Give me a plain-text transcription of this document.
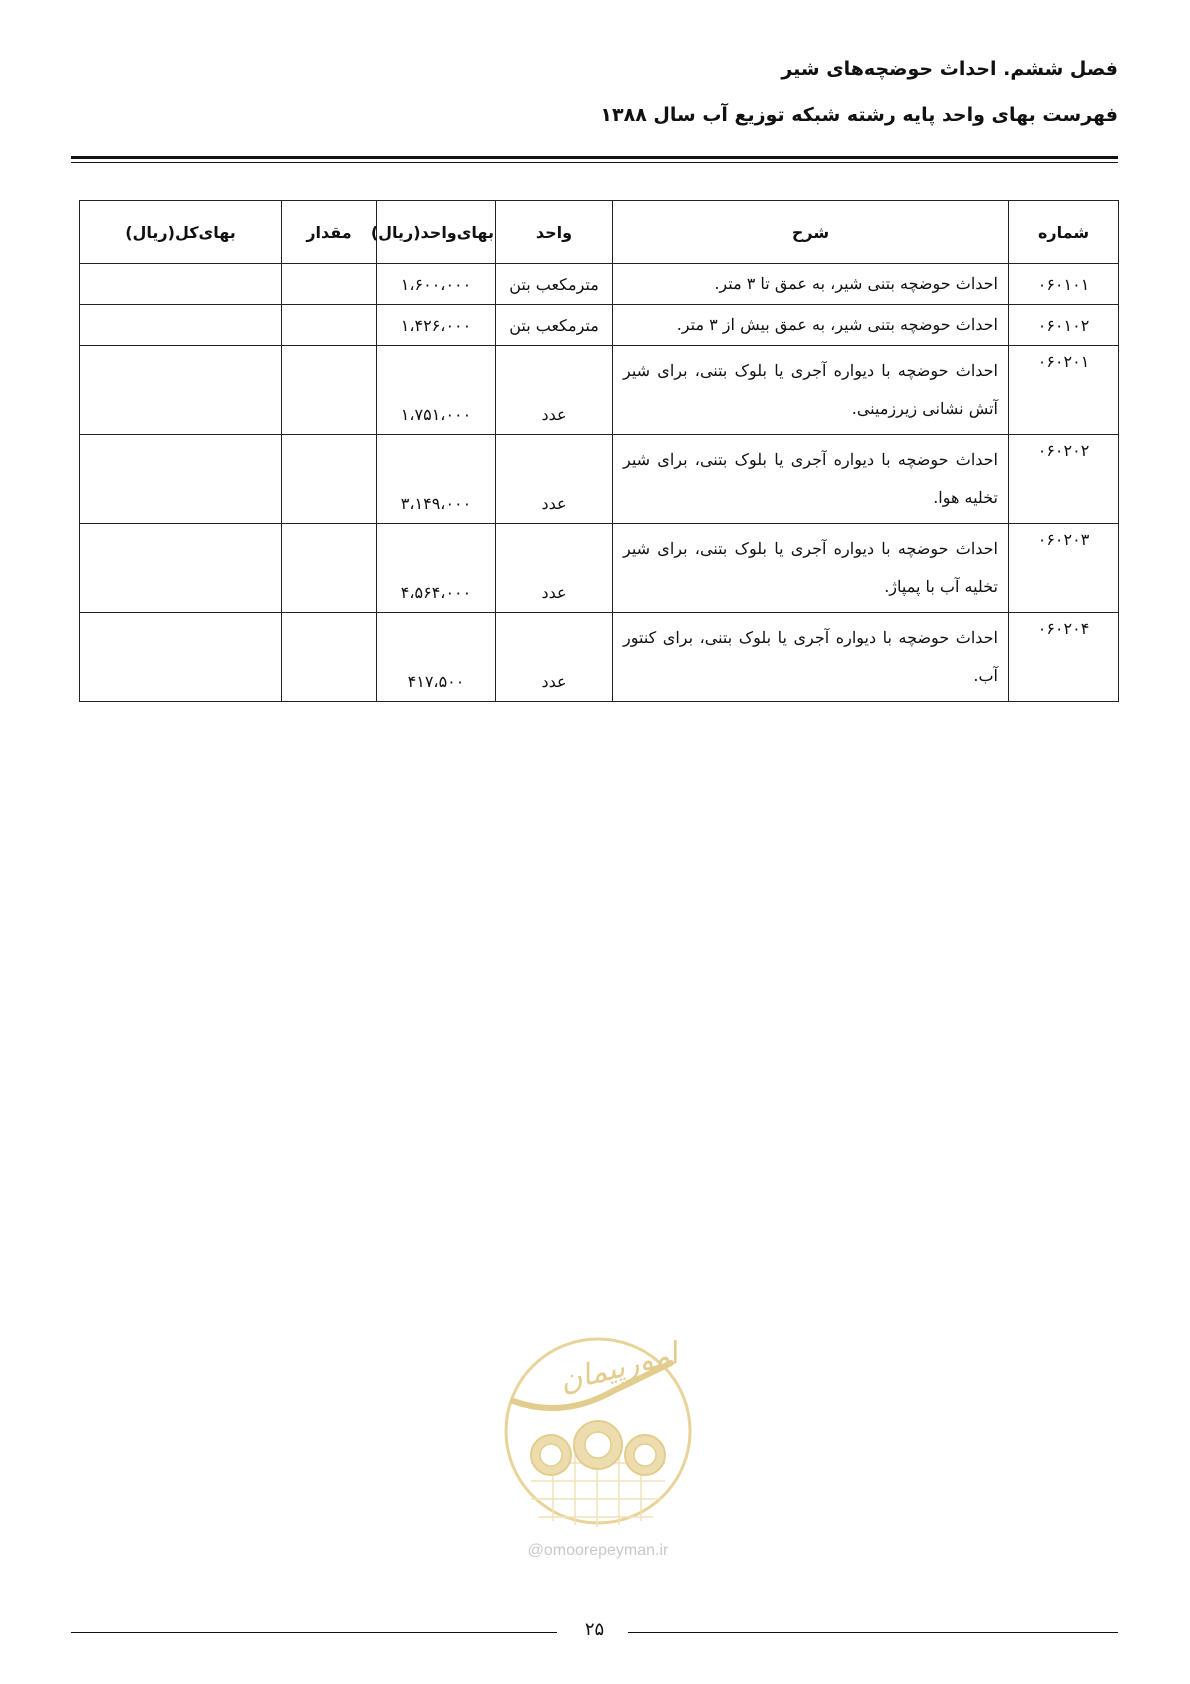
فصل ششم. احداث حوضچه‌های شیر

فهرست بهای واحد پایه رشته شبکه توزیع آب سال ۱۳۸۸

شماره	شرح	واحد	بهای‌واحد(ریال)	مقدار	بهای‌کل(ریال)
۰۶۰۱۰۱	احداث حوضچه بتنی شیر، به عمق تا ۳ متر.	مترمکعب بتن	۱،۶۰۰،۰۰۰		
۰۶۰۱۰۲	احداث حوضچه بتنی شیر، به عمق بیش از ۳ متر.	مترمکعب بتن	۱،۴۲۶،۰۰۰		
۰۶۰۲۰۱	احداث حوضچه با دیواره آجری یا بلوک بتنی، برای شیر آتش نشانی زیرزمینی.	عدد	۱،۷۵۱،۰۰۰		
۰۶۰۲۰۲	احداث حوضچه با دیواره آجری یا بلوک بتنی، برای شیر تخلیه هوا.	عدد	۳،۱۴۹،۰۰۰		
۰۶۰۲۰۳	احداث حوضچه با دیواره آجری یا بلوک بتنی، برای شیر تخلیه آب با پمپاژ.	عدد	۴،۵۶۴،۰۰۰		
۰۶۰۲۰۴	احداث حوضچه با دیواره آجری یا بلوک بتنی، برای کنتور آب.	عدد	۴۱۷،۵۰۰		
امورپیمان
@omoorepeyman.ir
۲۵
